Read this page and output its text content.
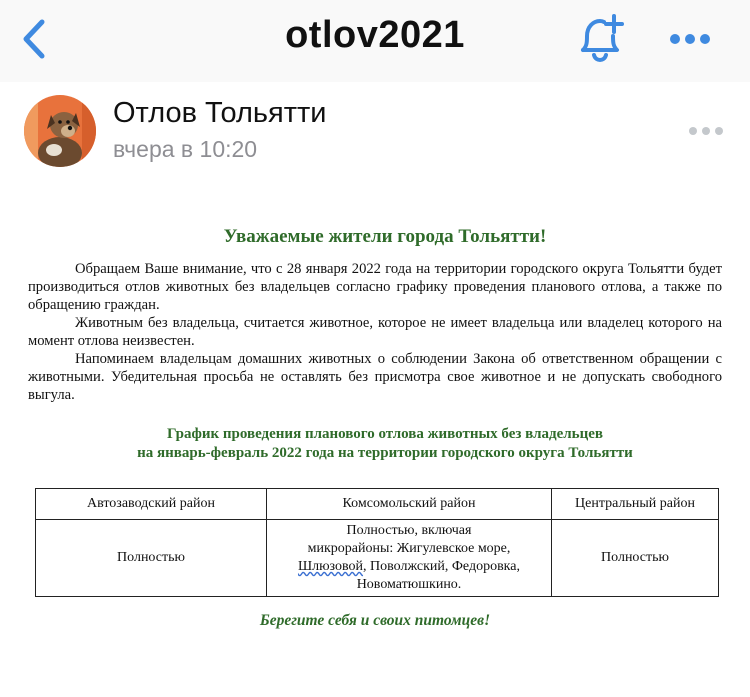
otlov2021
Отлов Тольятти
вчера в 10:20
Уважаемые жители города Тольятти!

Обращаем Ваше внимание, что с 28 января 2022 года на территории городского округа Тольятти будет производиться отлов животных без владельцев согласно графику проведения планового отлова, а также по обращению граждан.

Животным без владельца, считается животное, которое не имеет владельца или владелец которого на момент отлова неизвестен.

Напоминаем владельцам домашних животных о соблюдении Закона об ответственном обращении с животными. Убедительная просьба не оставлять без присмотра свое животное и не допускать свободного выгула.

График проведения планового отлова животных без владельцев
на январь-февраль 2022 года на территории городского округа Тольятти
Автозаводский район	Комсомольский район	Центральный район
Полностью	Полностью, включая
микрорайоны: Жигулевское море,
Шлюзовой, Поволжский, Федоровка,
Новоматюшкино.	Полностью
Берегите себя и своих питомцев!
